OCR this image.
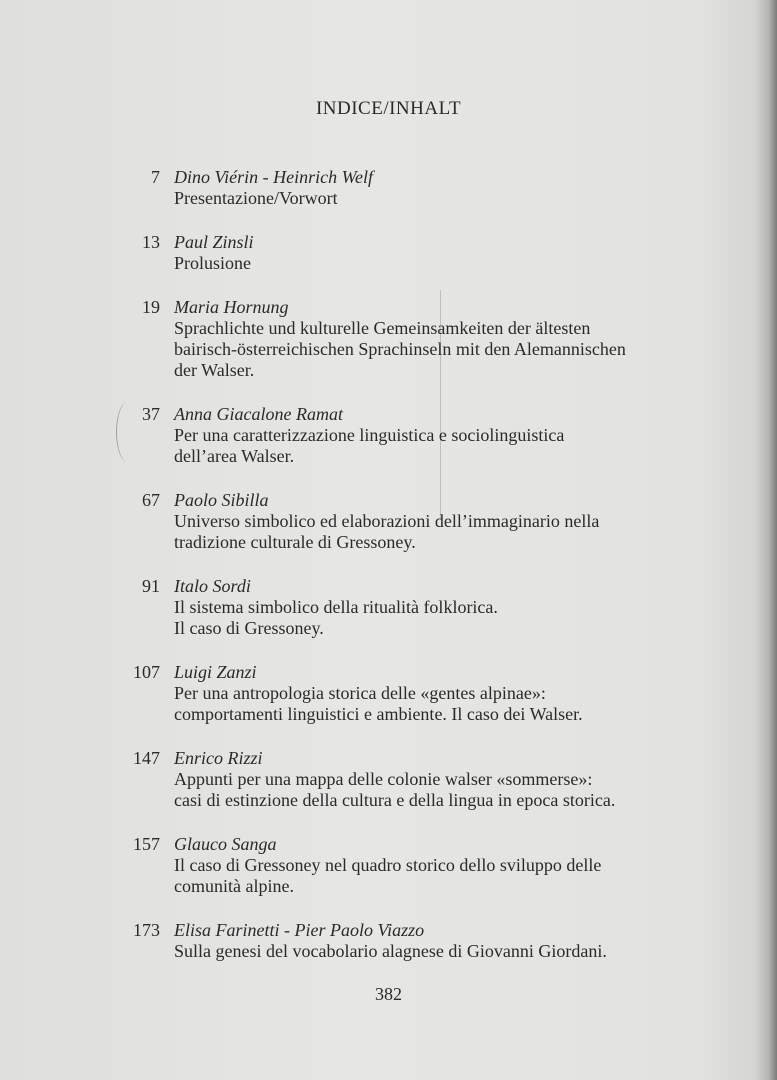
INDICE/INHALT
7 Dino Viérin - Heinrich Welf
Presentazione/Vorwort
13 Paul Zinsli
Prolusione
19 Maria Hornung
Sprachlichte und kulturelle Gemeinsamkeiten der ältesten
bairisch-österreichischen Sprachinseln mit den Alemannischen
der Walser.
37 Anna Giacalone Ramat
Per una caratterizzazione linguistica e sociolinguistica
dell’area Walser.
67 Paolo Sibilla
Universo simbolico ed elaborazioni dell’immaginario nella
tradizione culturale di Gressoney.
91 Italo Sordi
Il sistema simbolico della ritualità folklorica.
Il caso di Gressoney.
107 Luigi Zanzi
Per una antropologia storica delle «gentes alpinae»:
comportamenti linguistici e ambiente. Il caso dei Walser.
147 Enrico Rizzi
Appunti per una mappa delle colonie walser «sommerse»:
casi di estinzione della cultura e della lingua in epoca storica.
157 Glauco Sanga
Il caso di Gressoney nel quadro storico dello sviluppo delle
comunità alpine.
173 Elisa Farinetti - Pier Paolo Viazzo
Sulla genesi del vocabolario alagnese di Giovanni Giordani.
382
